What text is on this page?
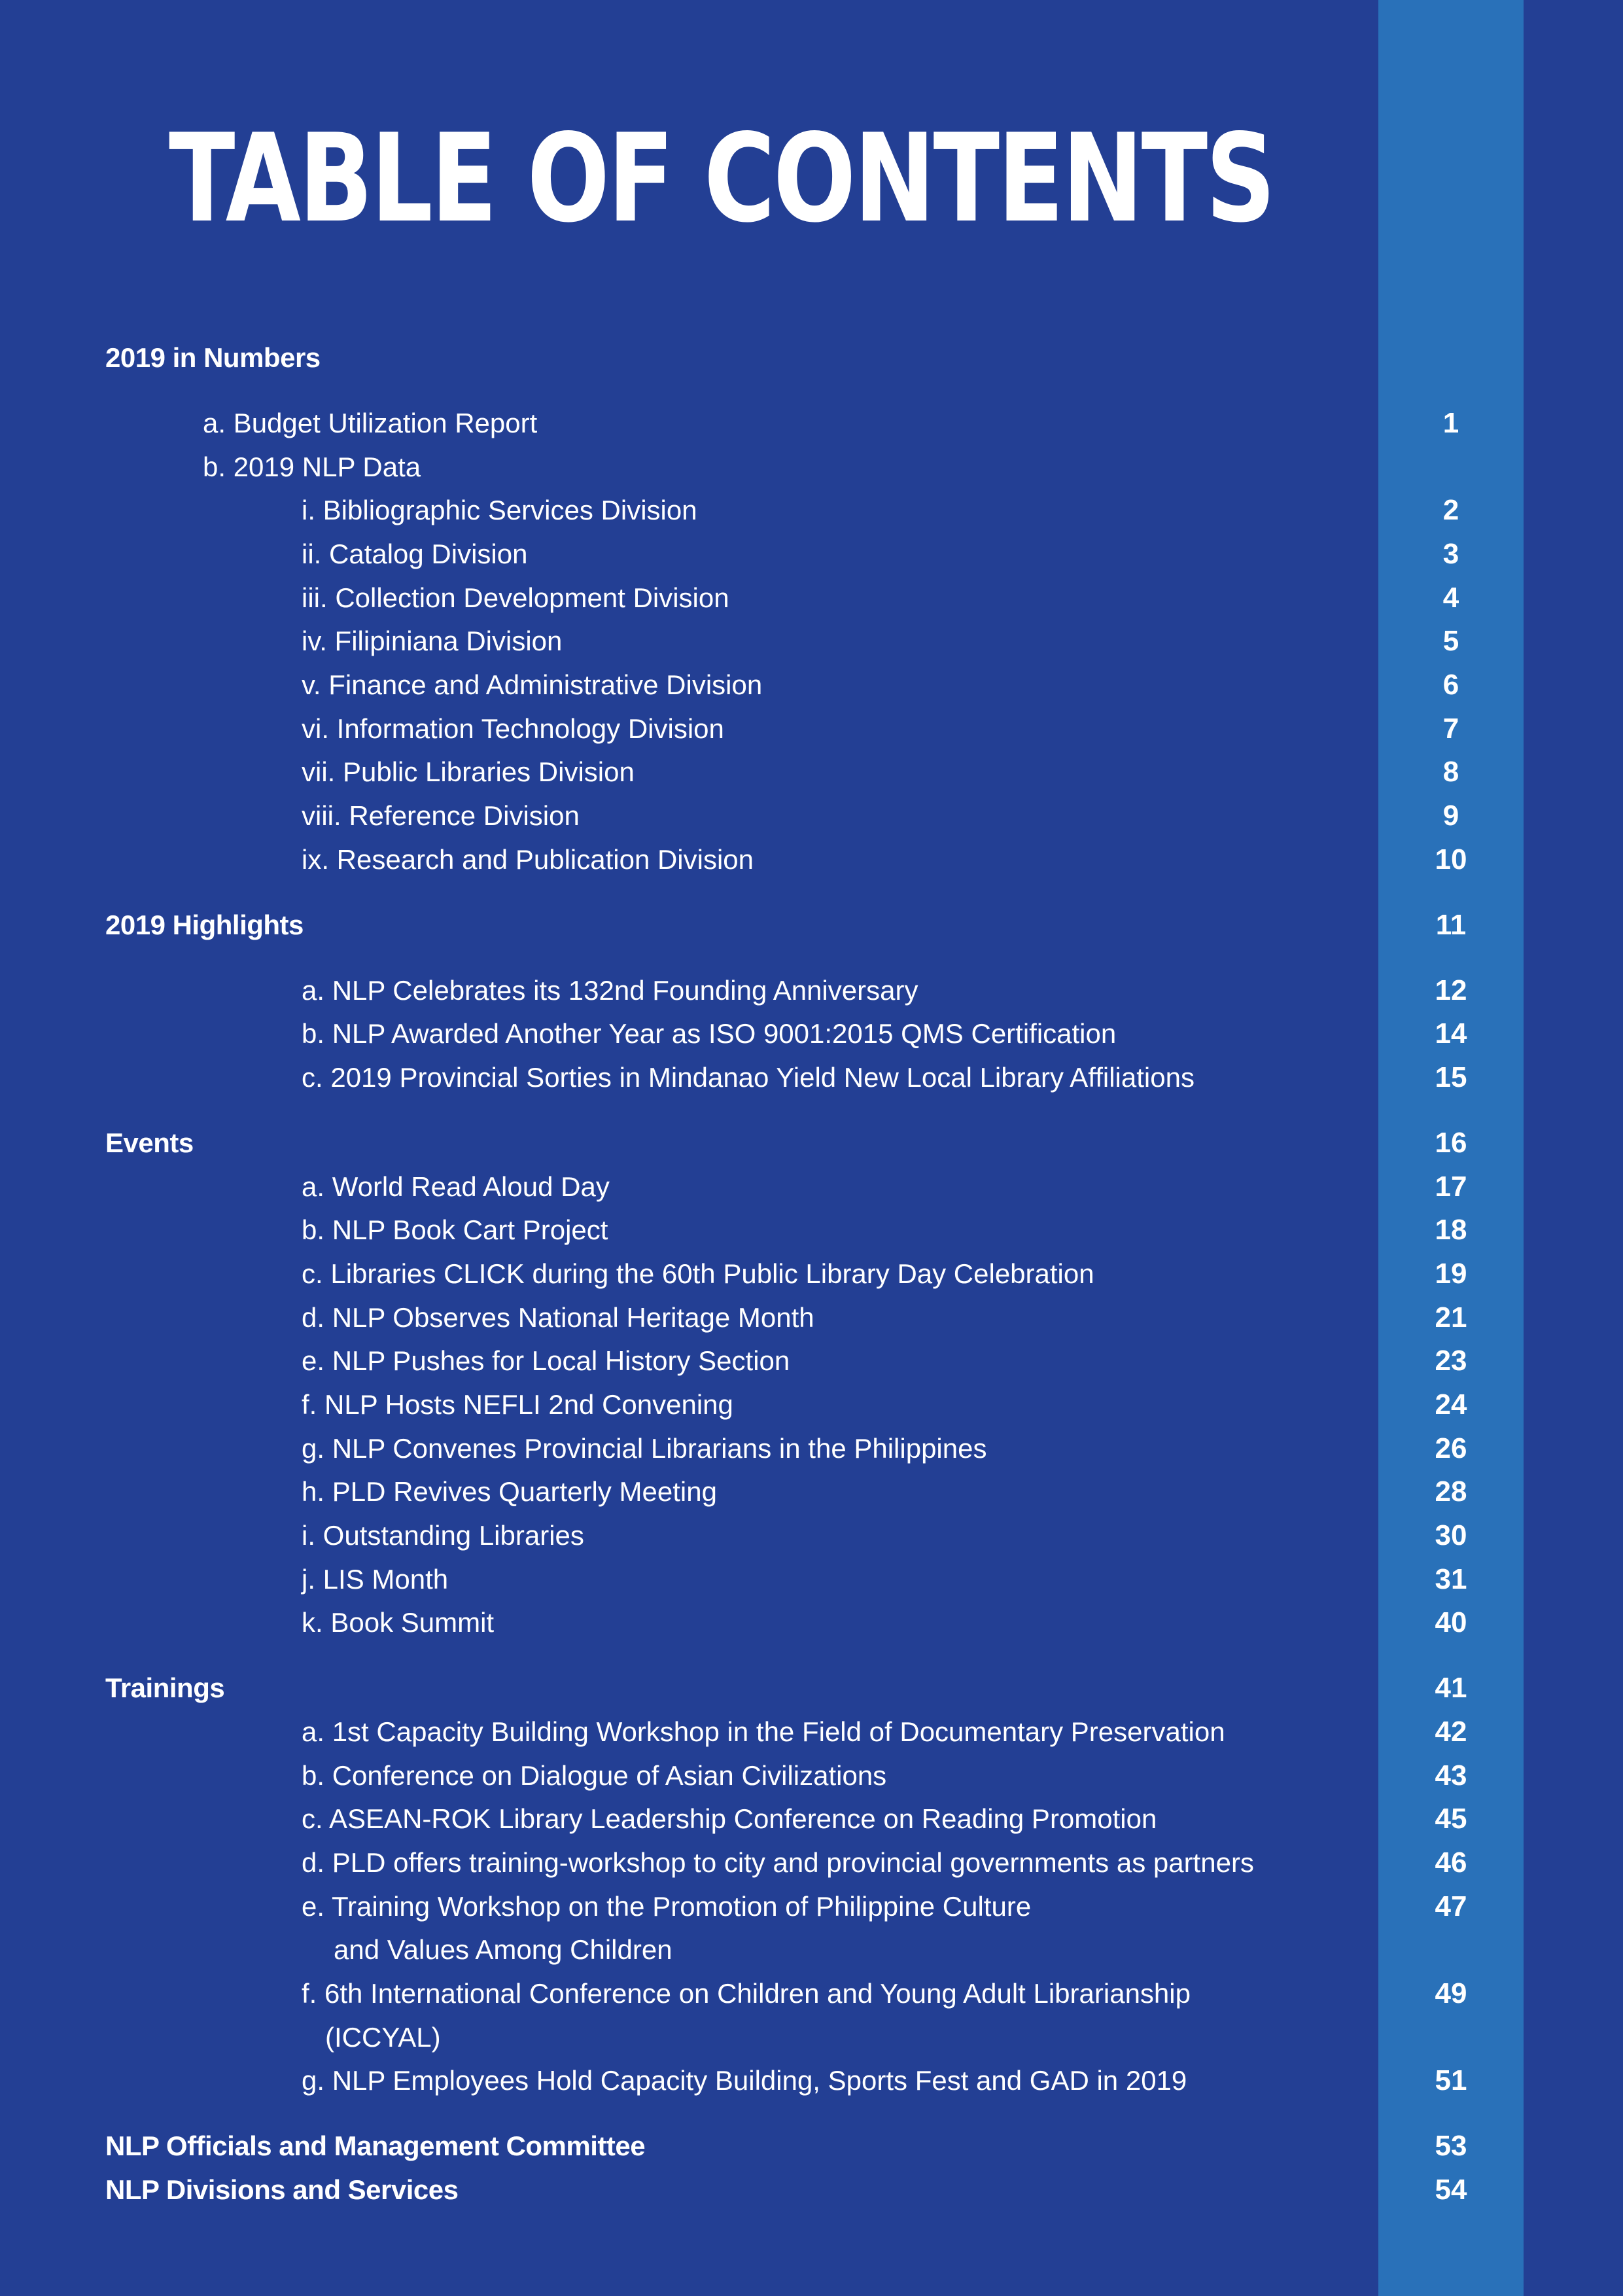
TABLE OF CONTENTS
2019 in Numbers
a. Budget Utilization Report	1
b. 2019 NLP Data
i. Bibliographic Services Division	2
ii. Catalog Division	3
iii. Collection Development Division	4
iv. Filipiniana Division	5
v. Finance and Administrative Division	6
vi. Information Technology Division	7
vii. Public Libraries Division	8
viii. Reference Division	9
ix. Research and Publication Division	10
2019 Highlights	11
a. NLP Celebrates its 132nd Founding Anniversary	12
b. NLP Awarded Another Year as ISO 9001:2015 QMS Certification	14
c. 2019 Provincial Sorties in Mindanao Yield New Local Library Affiliations	15
Events	16
a. World Read Aloud Day	17
b. NLP Book Cart Project	18
c. Libraries CLICK during the 60th Public Library Day Celebration	19
d. NLP Observes National Heritage Month	21
e. NLP Pushes for Local History Section	23
f. NLP Hosts NEFLI 2nd Convening	24
g. NLP Convenes Provincial Librarians in the Philippines	26
h. PLD Revives Quarterly Meeting	28
i. Outstanding Libraries	30
j. LIS Month	31
k. Book Summit	40
Trainings	41
a. 1st Capacity Building Workshop in the Field of Documentary Preservation	42
b. Conference on Dialogue of Asian Civilizations	43
c. ASEAN-ROK Library Leadership Conference on Reading Promotion	45
d. PLD offers training-workshop to city and provincial governments as partners	46
e. Training Workshop on the Promotion of Philippine Culture	47
and Values Among Children
f. 6th International Conference on Children and Young Adult Librarianship	49
(ICCYAL)
g. NLP Employees Hold Capacity Building, Sports Fest and GAD in 2019	51
NLP Officials and Management Committee	53
NLP Divisions and Services	54
